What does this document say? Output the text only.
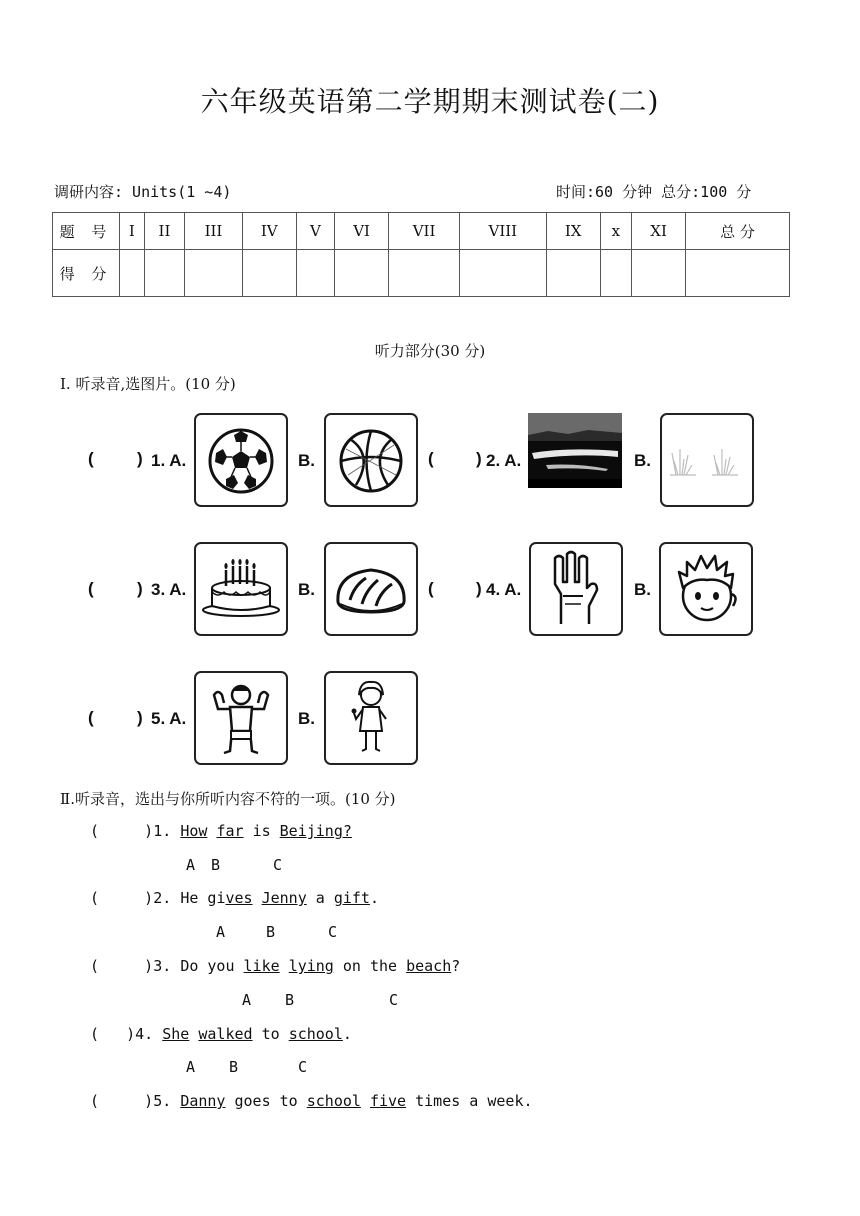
六年级英语第二学期期末测试卷(二)
调研内容: Units(1 ~4)	时间:60 分钟 总分:100 分
题 号	I	II	III	IV	V	VI	VII	VIII	IX	x	XI	总 分
得 分												
听力部分(30 分)
Ⅰ. 听录音,选图片。(10 分)
(	) 1. A.	B.	( ) 2. A.	B.
(	) 3. A.	B.	( ) 4. A.	B.
(	) 5. A.	B.
Ⅱ.听录音，选出与你所听内容不符的一项。(10 分)
(     )1. How far is Beijing?
A B	C
(     )2. He gives Jenny a gift.
A	B	C
(     )3. Do you like lying on the beach?
A B	C
(   )4. She walked to school.
A B	C
(     )5. Danny goes to school five times a week.
